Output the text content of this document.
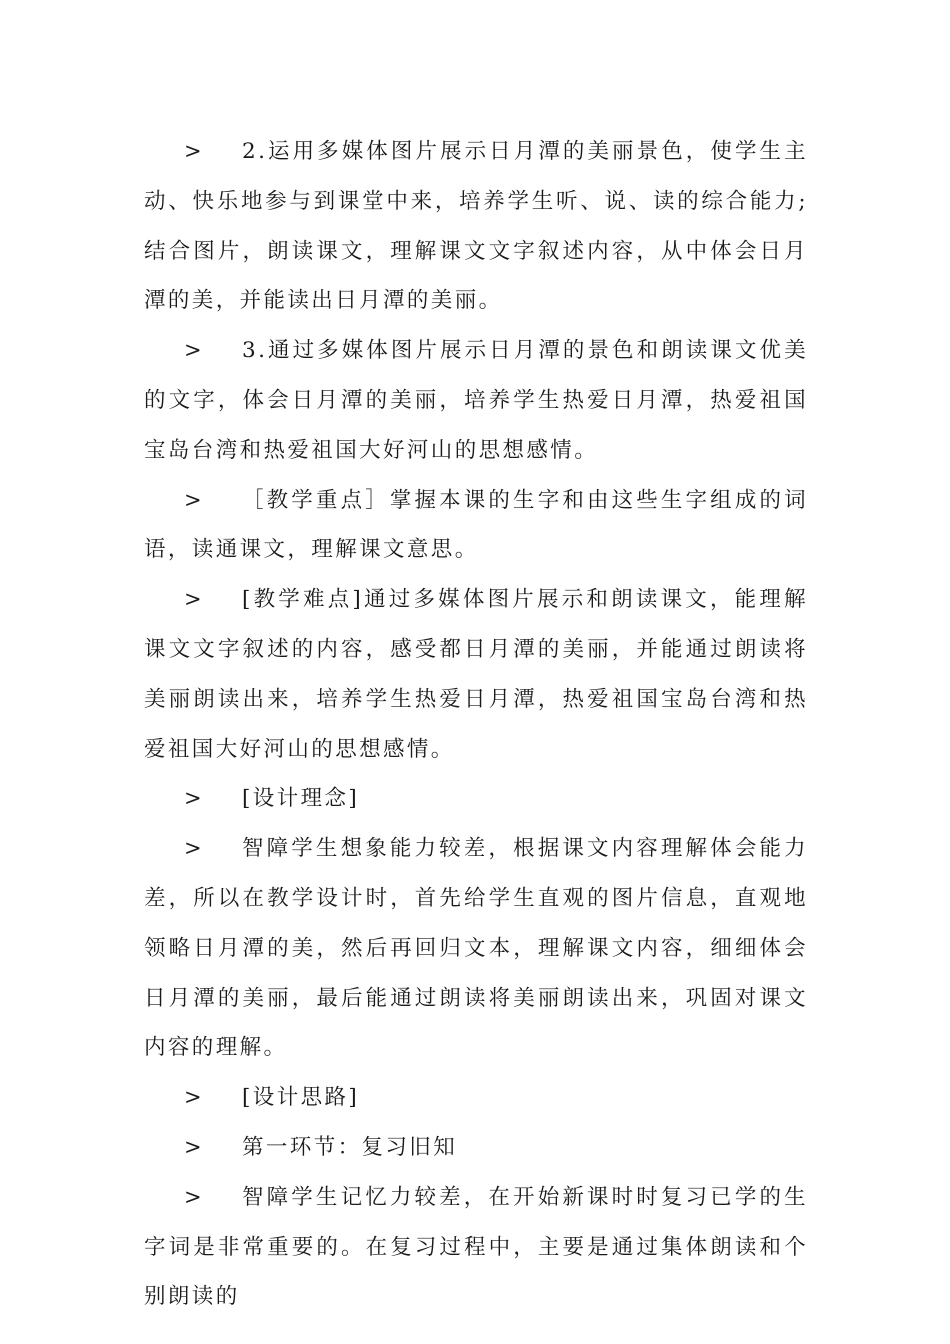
>	2.运用多媒体图片展示日月潭的美丽景色，使学生主动、快乐地参与到课堂中来，培养学生听、说、读的综合能力;结合图片，朗读课文，理解课文文字叙述内容，从中体会日月潭的美，并能读出日月潭的美丽。

>	3.通过多媒体图片展示日月潭的景色和朗读课文优美的文字，体会日月潭的美丽，培养学生热爱日月潭，热爱祖国宝岛台湾和热爱祖国大好河山的思想感情。

>	［教学重点］掌握本课的生字和由这些生字组成的词语，读通课文，理解课文意思。

>	[教学难点]通过多媒体图片展示和朗读课文，能理解课文文字叙述的内容，感受都日月潭的美丽，并能通过朗读将美丽朗读出来，培养学生热爱日月潭，热爱祖国宝岛台湾和热爱祖国大好河山的思想感情。

>	[设计理念]

>	智障学生想象能力较差，根据课文内容理解体会能力差，所以在教学设计时，首先给学生直观的图片信息，直观地领略日月潭的美，然后再回归文本，理解课文内容，细细体会日月潭的美丽，最后能通过朗读将美丽朗读出来，巩固对课文内容的理解。

>	[设计思路]

>	第一环节：复习旧知

>	智障学生记忆力较差，在开始新课时时复习已学的生字词是非常重要的。在复习过程中，主要是通过集体朗读和个别朗读的
